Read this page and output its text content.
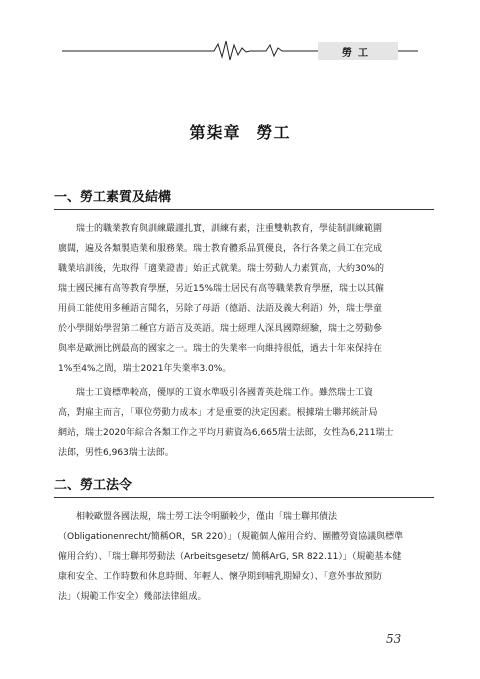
勞工
第柒章 勞工
一、勞工素質及結構
瑞士的職業教育與訓練嚴謹扎實，訓練有素，注重雙軌教育，學徒制訓練範圍
廣闊，遍及各類製造業和服務業。瑞士教育體系品質優良，各行各業之員工在完成
職業培訓後，先取得「適業證書」始正式就業。瑞士勞動人力素質高，大約30%的
瑞士國民擁有高等教育學歷，另近15%瑞士居民有高等職業教育學歷，瑞士以其僱
用員工能使用多種語言聞名，另除了母語（德語、法語及義大利語）外，瑞士學童
於小學開始學習第二種官方語言及英語。瑞士經理人深具國際經驗，瑞士之勞動參
與率是歐洲比例最高的國家之一。瑞士的失業率一向維持很低，過去十年來保持在
1%至4%之間，瑞士2021年失業率3.0%。
瑞士工資標準較高，優厚的工資水準吸引各國菁英赴瑞工作。雖然瑞士工資
高，對雇主而言，「單位勞動力成本」才是重要的決定因素。根據瑞士聯邦統計局
網站，瑞士2020年綜合各類工作之平均月薪資為6,665瑞士法郎，女性為6,211瑞士
法郎，男性6,963瑞士法郎。
二、勞工法令
相較歐盟各國法規，瑞士勞工法令明顯較少，僅由「瑞士聯邦債法
（Obligationenrecht/簡稱OR，SR 220）」（規範個人僱用合約、團體勞資協議與標準
僱用合約）、「瑞士聯邦勞動法（Arbeitsgesetz/ 簡稱ArG, SR 822.11）」（規範基本健
康和安全、工作時數和休息時間、年輕人、懷孕期到哺乳期婦女）、「意外事故預防
法」（規範工作安全）幾部法律組成。
53
